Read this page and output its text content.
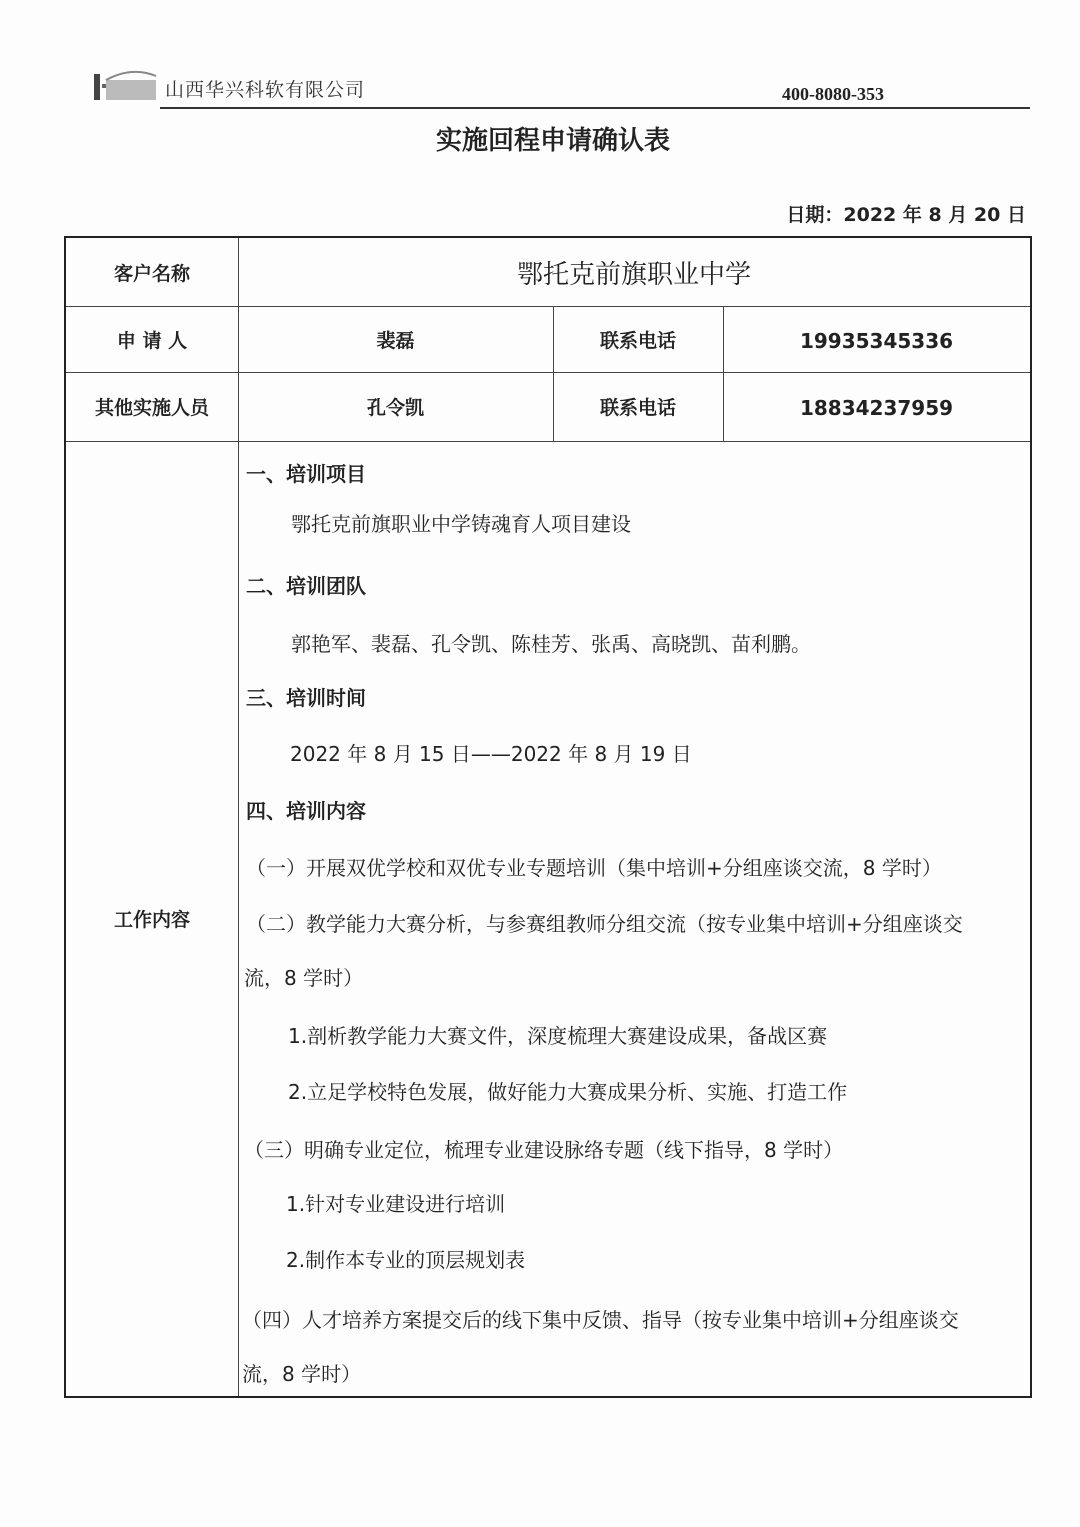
山西华兴科软有限公司	400-8080-353
实施回程申请确认表
日期：2022 年 8 月 20 日
客户名称	鄂托克前旗职业中学
申 请 人	裴磊	联系电话	19935345336
其他实施人员	孔令凯	联系电话	18834237959
工作内容
一、培训项目
鄂托克前旗职业中学铸魂育人项目建设
二、培训团队
郭艳军、裴磊、孔令凯、陈桂芳、张禹、高晓凯、苗利鹏。
三、培训时间
2022 年 8 月 15 日——2022 年 8 月 19 日
四、培训内容
（一）开展双优学校和双优专业专题培训（集中培训+分组座谈交流，8 学时）
（二）教学能力大赛分析，与参赛组教师分组交流（按专业集中培训+分组座谈交
流，8 学时）
1.剖析教学能力大赛文件，深度梳理大赛建设成果，备战区赛
2.立足学校特色发展，做好能力大赛成果分析、实施、打造工作
（三）明确专业定位，梳理专业建设脉络专题（线下指导，8 学时）
1.针对专业建设进行培训
2.制作本专业的顶层规划表
（四）人才培养方案提交后的线下集中反馈、指导（按专业集中培训+分组座谈交
流，8 学时）
